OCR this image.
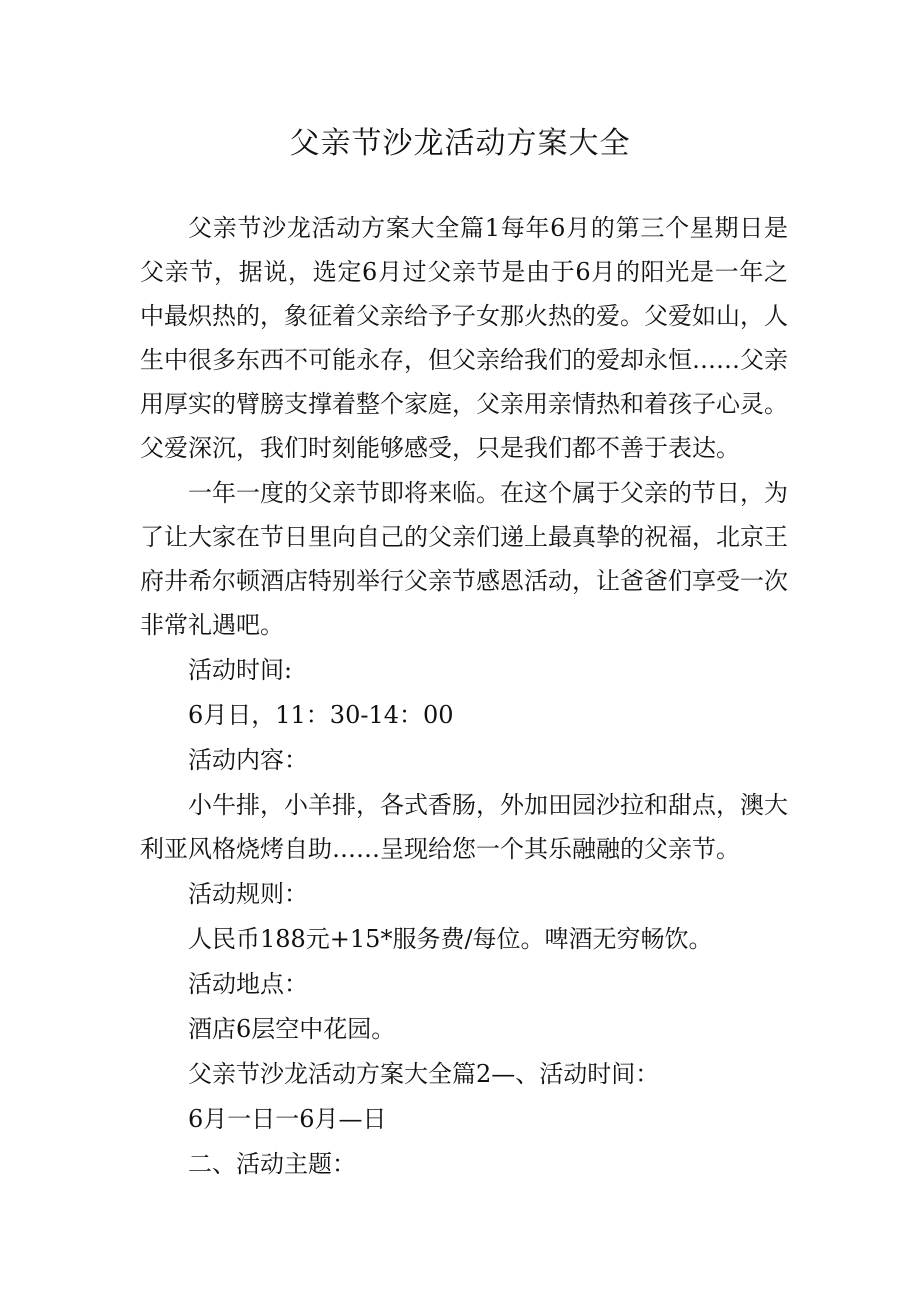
父亲节沙龙活动方案大全

父亲节沙龙活动方案大全篇1每年6月的第三个星期日是父亲节，据说，选定6月过父亲节是由于6月的阳光是一年之中最炽热的，象征着父亲给予子女那火热的爱。父爱如山，人生中很多东西不可能永存，但父亲给我们的爱却永恒……父亲用厚实的臂膀支撑着整个家庭，父亲用亲情热和着孩子心灵。父爱深沉，我们时刻能够感受，只是我们都不善于表达。

一年一度的父亲节即将来临。在这个属于父亲的节日，为了让大家在节日里向自己的父亲们递上最真挚的祝福，北京王府井希尔顿酒店特别举行父亲节感恩活动，让爸爸们享受一次非常礼遇吧。

活动时间:

6月日，11：30-14：00

活动内容：

小牛排，小羊排，各式香肠，外加田园沙拉和甜点，澳大利亚风格烧烤自助……呈现给您一个其乐融融的父亲节。

活动规则：

人民币188元+15*服务费/每位。啤酒无穷畅饮。

活动地点：

酒店6层空中花园。

父亲节沙龙活动方案大全篇2—、活动时间：

6月一日一6月—日

二、活动主题：
